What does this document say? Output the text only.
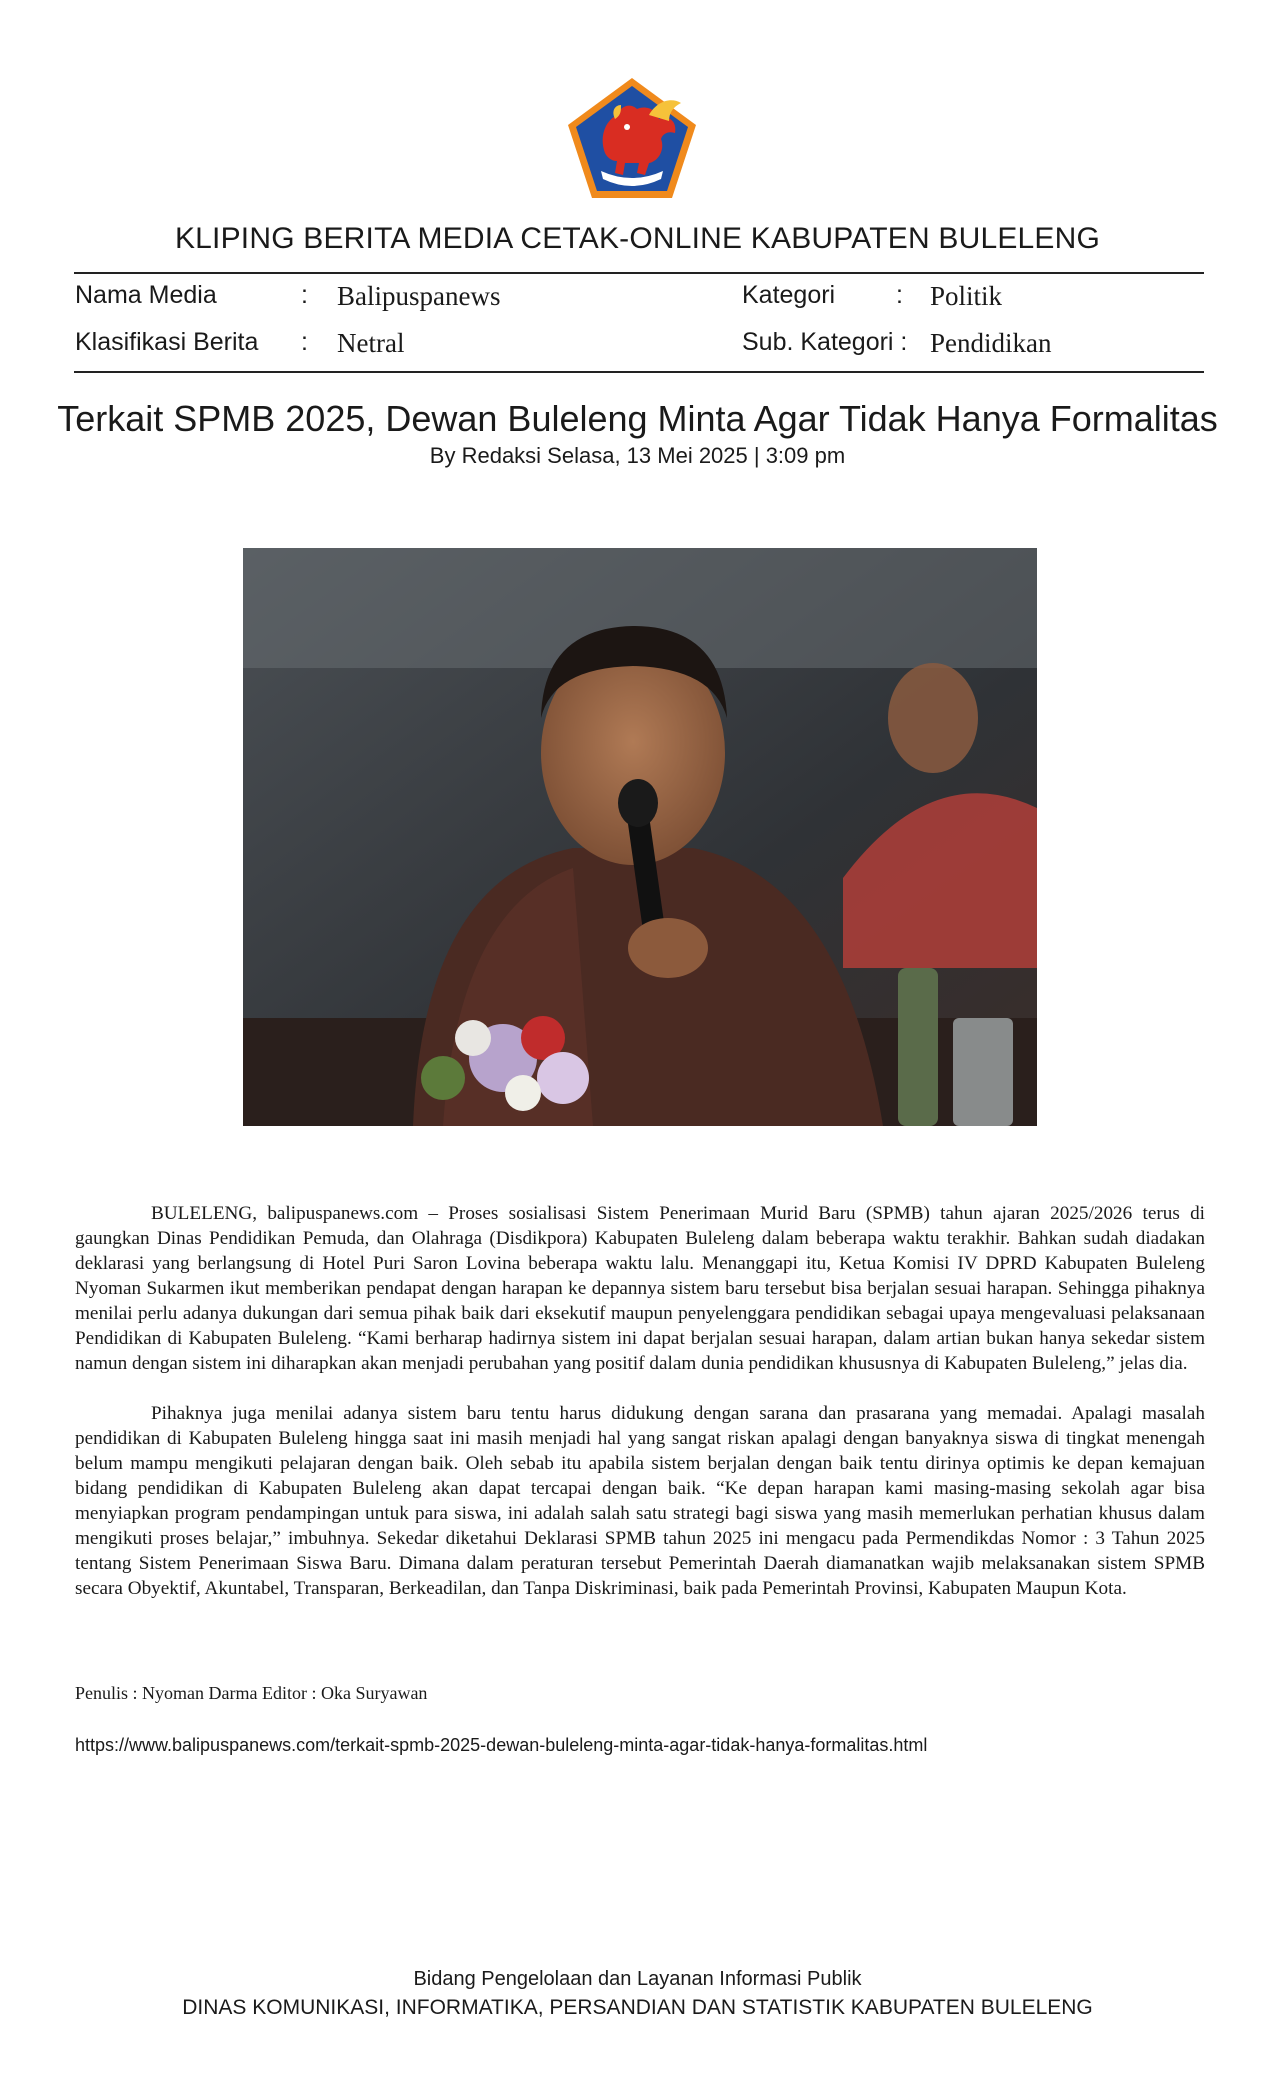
KLIPING BERITA MEDIA CETAK-ONLINE KABUPATEN BULELENG
Nama Media	: Balipuspanews	Kategori : Politik
Klasifikasi Berita : Netral	Sub. Kategori : Pendidikan
Terkait SPMB 2025, Dewan Buleleng Minta Agar Tidak Hanya Formalitas
By Redaksi Selasa, 13 Mei 2025 | 3:09 pm

BULELENG, balipuspanews.com – Proses sosialisasi Sistem Penerimaan Murid Baru (SPMB) tahun ajaran 2025/2026 terus di gaungkan Dinas Pendidikan Pemuda, dan Olahraga (Disdikpora) Kabupaten Buleleng dalam beberapa waktu terakhir. Bahkan sudah diadakan deklarasi yang berlangsung di Hotel Puri Saron Lovina beberapa waktu lalu. Menanggapi itu, Ketua Komisi IV DPRD Kabupaten Buleleng Nyoman Sukarmen ikut memberikan pendapat dengan harapan ke depannya sistem baru tersebut bisa berjalan sesuai harapan. Sehingga pihaknya menilai perlu adanya dukungan dari semua pihak baik dari eksekutif maupun penyelenggara pendidikan sebagai upaya mengevaluasi pelaksanaan Pendidikan di Kabupaten Buleleng. “Kami berharap hadirnya sistem ini dapat berjalan sesuai harapan, dalam artian bukan hanya sekedar sistem namun dengan sistem ini diharapkan akan menjadi perubahan yang positif dalam dunia pendidikan khususnya di Kabupaten Buleleng,” jelas dia.

Pihaknya juga menilai adanya sistem baru tentu harus didukung dengan sarana dan prasarana yang memadai. Apalagi masalah pendidikan di Kabupaten Buleleng hingga saat ini masih menjadi hal yang sangat riskan apalagi dengan banyaknya siswa di tingkat menengah belum mampu mengikuti pelajaran dengan baik. Oleh sebab itu apabila sistem berjalan dengan baik tentu dirinya optimis ke depan kemajuan bidang pendidikan di Kabupaten Buleleng akan dapat tercapai dengan baik. “Ke depan harapan kami masing-masing sekolah agar bisa menyiapkan program pendampingan untuk para siswa, ini adalah salah satu strategi bagi siswa yang masih memerlukan perhatian khusus dalam mengikuti proses belajar,” imbuhnya. Sekedar diketahui Deklarasi SPMB tahun 2025 ini mengacu pada Permendikdas Nomor : 3 Tahun 2025 tentang Sistem Penerimaan Siswa Baru. Dimana dalam peraturan tersebut Pemerintah Daerah diamanatkan wajib melaksanakan sistem SPMB secara Obyektif, Akuntabel, Transparan, Berkeadilan, dan Tanpa Diskriminasi, baik pada Pemerintah Provinsi, Kabupaten Maupun Kota.

Penulis : Nyoman Darma Editor : Oka Suryawan
https://www.balipuspanews.com/terkait-spmb-2025-dewan-buleleng-minta-agar-tidak-hanya-formalitas.html
Bidang Pengelolaan dan Layanan Informasi Publik
DINAS KOMUNIKASI, INFORMATIKA, PERSANDIAN DAN STATISTIK KABUPATEN BULELENG
